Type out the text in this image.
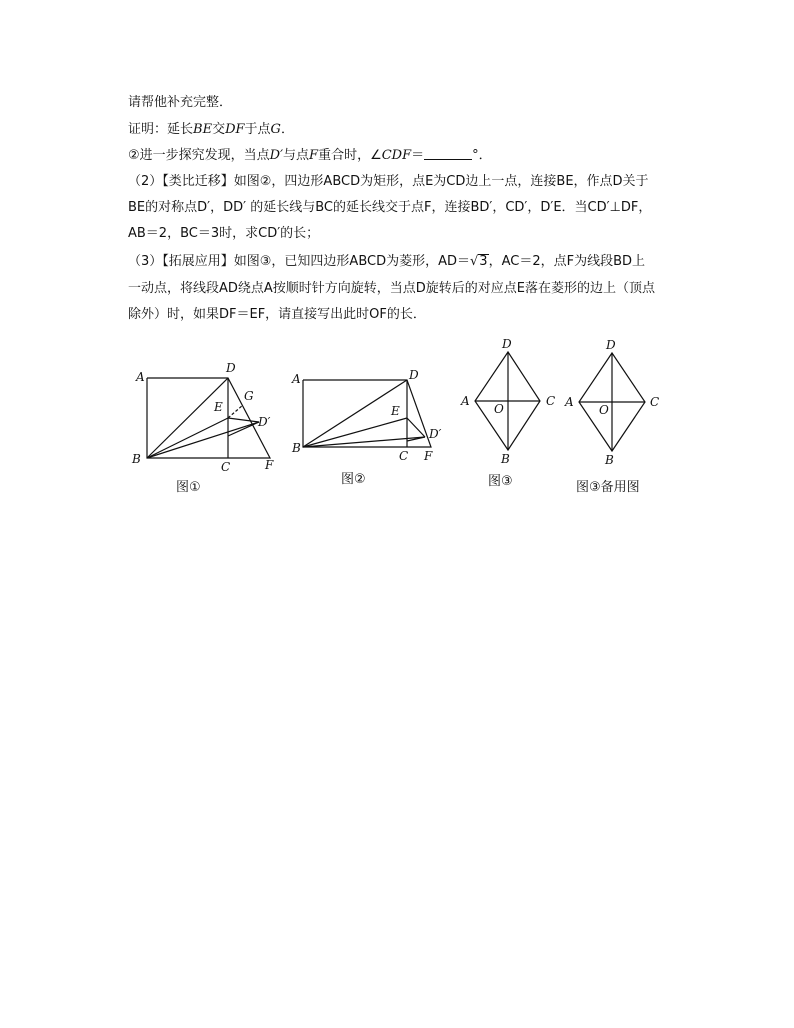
请帮他补充完整．
证明：延长BE交DF于点G．
②进一步探究发现，当点D′与点F重合时，∠CDF＝	°．
（2）【类比迁移】如图②，四边形ABCD为矩形，点E为CD边上一点，连接BE，作点D关于
BE的对称点D′，DD′ 的延长线与BC的延长线交于点F，连接BD′，CD′，D′E．当CD′⊥DF，
AB＝2，BC＝3时，求CD′的长；
（3）【拓展应用】如图③，已知四边形ABCD为菱形，AD＝√3，AC＝2，点F为线段BD上
一动点，将线段AD绕点A按顺时针方向旋转，当点D旋转后的对应点E落在菱形的边上（顶点
除外）时，如果DF＝EF，请直接写出此时OF的长．
A
D
E
G
D′
B
C	F
图①
A	D
E
D′
B
C F
图②
D
A
O
C
B
图③
D
A
O
C
B
图③备用图
